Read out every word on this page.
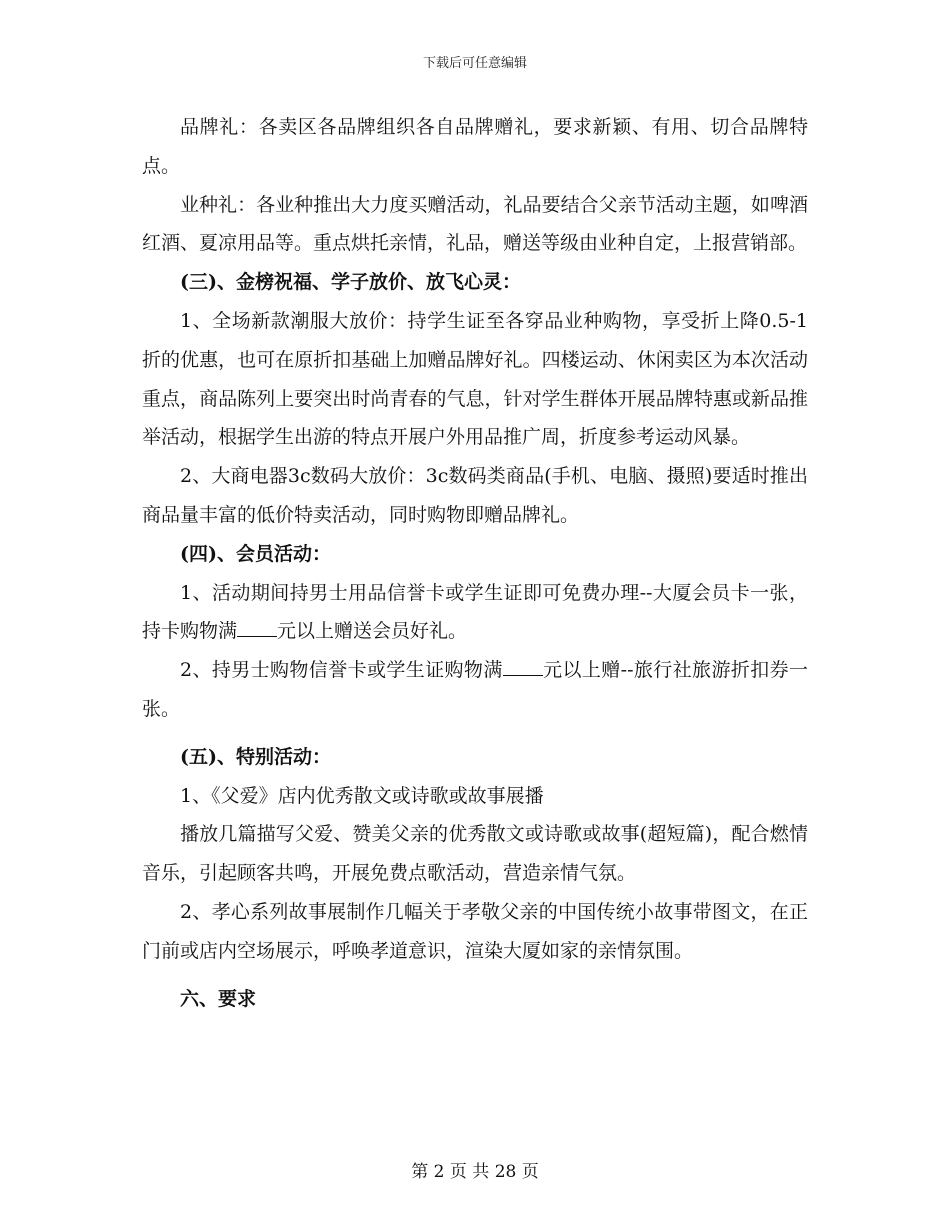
下载后可任意编辑

品牌礼：各卖区各品牌组织各自品牌赠礼，要求新颖、有用、切合品牌特点。

业种礼：各业种推出大力度买赠活动，礼品要结合父亲节活动主题，如啤酒红酒、夏凉用品等。重点烘托亲情，礼品，赠送等级由业种自定，上报营销部。

(三)、金榜祝福、学子放价、放飞心灵：

1、全场新款潮服大放价：持学生证至各穿品业种购物，享受折上降0.5-1折的优惠，也可在原折扣基础上加赠品牌好礼。四楼运动、休闲卖区为本次活动重点，商品陈列上要突出时尚青春的气息，针对学生群体开展品牌特惠或新品推举活动，根据学生出游的特点开展户外用品推广周，折度参考运动风暴。

2、大商电器3c数码大放价：3c数码类商品(手机、电脑、摄照)要适时推出商品量丰富的低价特卖活动，同时购物即赠品牌礼。

(四)、会员活动：

1、活动期间持男士用品信誉卡或学生证即可免费办理--大厦会员卡一张，持卡购物满 元以上赠送会员好礼。

2、持男士购物信誉卡或学生证购物满 元以上赠--旅行社旅游折扣券一张。

(五)、特别活动：

1、《父爱》店内优秀散文或诗歌或故事展播

播放几篇描写父爱、赞美父亲的优秀散文或诗歌或故事(超短篇)，配合燃情音乐，引起顾客共鸣，开展免费点歌活动，营造亲情气氛。

2、孝心系列故事展制作几幅关于孝敬父亲的中国传统小故事带图文，在正门前或店内空场展示，呼唤孝道意识，渲染大厦如家的亲情氛围。

六、要求

第 2 页 共 28 页
